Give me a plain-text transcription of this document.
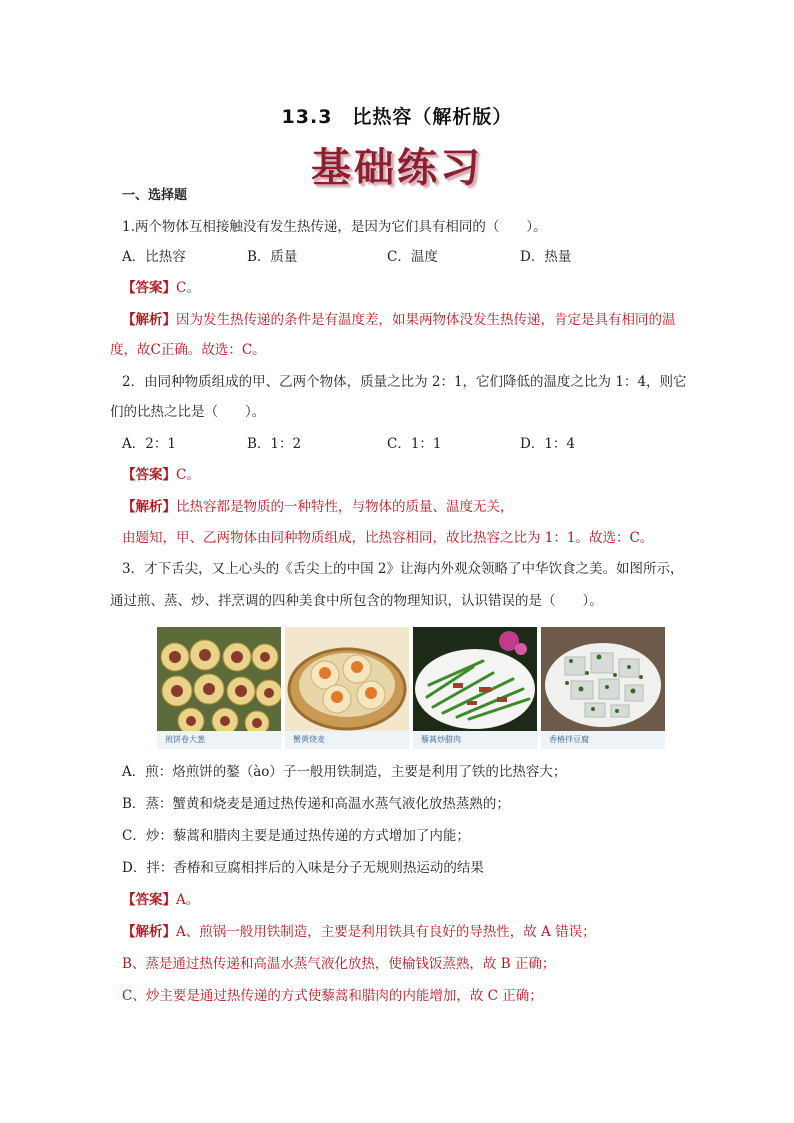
13.3　比热容（解析版）
基础练习
一、选择题
1.两个物体互相接触没有发生热传递，是因为它们具有相同的（　　）。
A．比热容	B．质量	C．温度	D．热量
【答案】C。
【解析】因为发生热传递的条件是有温度差，如果两物体没发生热传递，肯定是具有相同的温
度，故C正确。故选：C。
2．由同种物质组成的甲、乙两个物体，质量之比为 2：1，它们降低的温度之比为 1：4，则它
们的比热之比是（　　）。
A．2：1	B．1：2	C．1：1	D．1：4
【答案】C。
【解析】比热容都是物质的一种特性，与物体的质量、温度无关，
由题知，甲、乙两物体由同种物质组成，比热容相同，故比热容之比为 1：1。故选：C。
3．才下舌尖，又上心头的《舌尖上的中国 2》让海内外观众领略了中华饮食之美。如图所示，
通过煎、蒸、炒、拌烹调的四种美食中所包含的物理知识，认识错误的是（　　）。
A．煎：烙煎饼的鏊（ào）子一般用铁制造，主要是利用了铁的比热容大；
B．蒸：蟹黄和烧麦是通过热传递和高温水蒸气液化放热蒸熟的；
C．炒：藜蒿和腊肉主要是通过热传递的方式增加了内能；
D．拌：香椿和豆腐相拌后的入味是分子无规则热运动的结果
【答案】A。
【解析】A、煎锅一般用铁制造，主要是利用铁具有良好的导热性，故 A 错误；
B、蒸是通过热传递和高温水蒸气液化放热，使榆钱饭蒸熟，故 B 正确；
C、炒主要是通过热传递的方式使藜蒿和腊肉的内能增加，故 C 正确；
煎饼卷大葱	蟹黄烧麦	藜蒿炒腊肉	香椿拌豆腐
